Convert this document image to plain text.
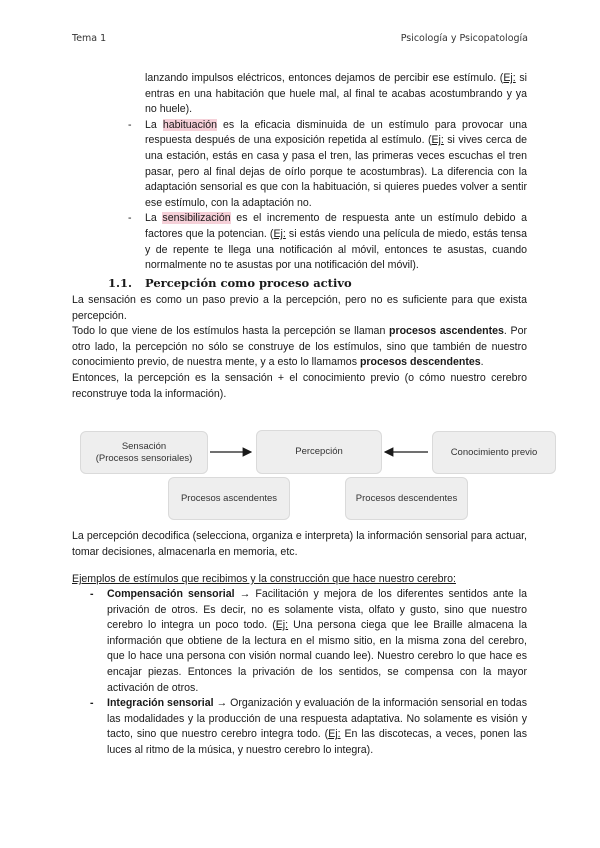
Tema 1	Psicología y Psicopatología

lanzando impulsos eléctricos, entonces dejamos de percibir ese estímulo. (Ej: si entras en una habitación que huele mal, al final te acabas acostumbrando y ya no huele).

- La habituación es la eficacia disminuida de un estímulo para provocar una respuesta después de una exposición repetida al estímulo. (Ej: si vives cerca de una estación, estás en casa y pasa el tren, las primeras veces escuchas el tren pasar, pero al final dejas de oírlo porque te acostumbras). La diferencia con la adaptación sensorial es que con la habituación, si quieres puedes volver a sentir ese estímulo, con la adaptación no.
- La sensibilización es el incremento de respuesta ante un estímulo debido a factores que la potencian. (Ej: si estás viendo una película de miedo, estás tensa y de repente te llega una notificación al móvil, entonces te asustas, cuando normalmente no te asustas por una notificación del móvil).
1.1. Percepción como proceso activo

La sensación es como un paso previo a la percepción, pero no es suficiente para que exista percepción.

Todo lo que viene de los estímulos hasta la percepción se llaman procesos ascendentes. Por otro lado, la percepción no sólo se construye de los estímulos, sino que también de nuestro conocimiento previo, de nuestra mente, y a esto lo llamamos procesos descendentes.

Entonces, la percepción es la sensación + el conocimiento previo (o cómo nuestro cerebro reconstruye toda la información).

Sensación
(Procesos sensoriales)
Percepción	Conocimiento previo
Procesos ascendentes	Procesos descendentes

La percepción decodifica (selecciona, organiza e interpreta) la información sensorial para actuar, tomar decisiones, almacenarla en memoria, etc.

Ejemplos de estímulos que recibimos y la construcción que hace nuestro cerebro:

- Compensación sensorial → Facilitación y mejora de los diferentes sentidos ante la privación de otros. Es decir, no es solamente vista, olfato y gusto, sino que nuestro cerebro lo integra un poco todo. (Ej: Una persona ciega que lee Braille almacena la información que obtiene de la lectura en el mismo sitio, en la misma zona del cerebro, que lo hace una persona con visión normal cuando lee). Nuestro cerebro lo que hace es encajar piezas. Entonces la privación de los sentidos, se compensa con la mayor activación de otros.
- Integración sensorial → Organización y evaluación de la información sensorial en todas las modalidades y la producción de una respuesta adaptativa. No solamente es visión y tacto, sino que nuestro cerebro integra todo. (Ej: En las discotecas, a veces, ponen las luces al ritmo de la música, y nuestro cerebro lo integra).
